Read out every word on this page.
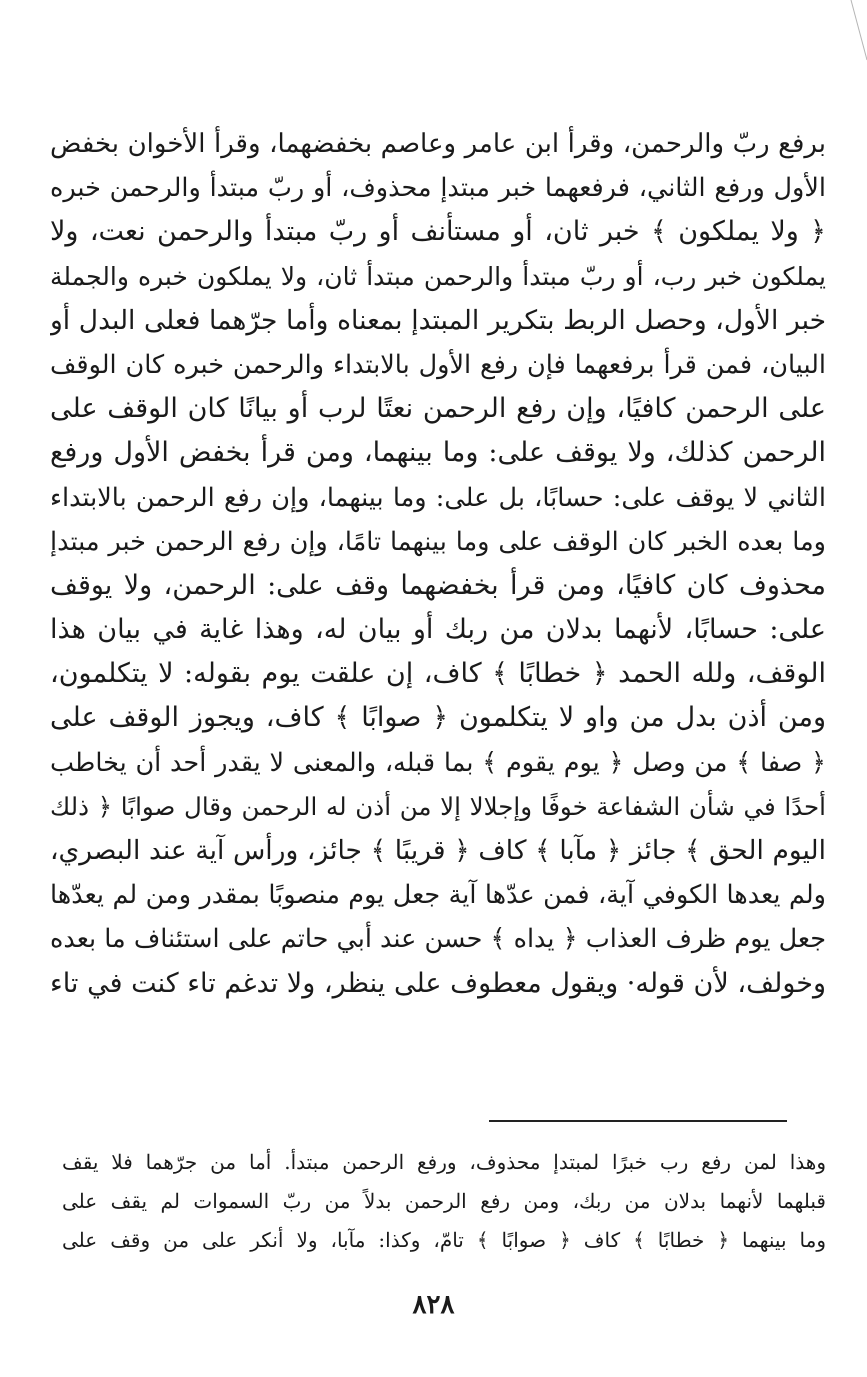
برفع ربّ والرحمن، وقرأ ابن عامر وعاصم بخفضهما، وقرأ الأخوان بخفض
الأول ورفع الثاني، فرفعهما خبر مبتدإ محذوف، أو ربّ مبتدأ والرحمن خبره
﴿ ولا يملكون ﴾ خبر ثان، أو مستأنف أو ربّ مبتدأ والرحمن نعت، ولا
يملكون خبر رب، أو ربّ مبتدأ والرحمن مبتدأ ثان، ولا يملكون خبره والجملة
خبر الأول، وحصل الربط بتكرير المبتدإ بمعناه وأما جرّهما فعلى البدل أو
البيان، فمن قرأ برفعهما فإن رفع الأول بالابتداء والرحمن خبره كان الوقف
على الرحمن كافيًا، وإن رفع الرحمن نعتًا لرب أو بيانًا كان الوقف على
الرحمن كذلك، ولا يوقف على: وما بينهما، ومن قرأ بخفض الأول ورفع
الثاني لا يوقف على: حسابًا، بل على: وما بينهما، وإن رفع الرحمن بالابتداء
وما بعده الخبر كان الوقف على وما بينهما تامًا، وإن رفع الرحمن خبر مبتدإ
محذوف كان كافيًا، ومن قرأ بخفضهما وقف على: الرحمن، ولا يوقف
على: حسابًا، لأنهما بدلان من ربك أو بيان له، وهذا غاية في بيان هذا
الوقف، ولله الحمد ﴿ خطابًا ﴾ كاف، إن علقت يوم بقوله: لا يتكلمون،
ومن أذن بدل من واو لا يتكلمون ﴿ صوابًا ﴾ كاف، ويجوز الوقف على
﴿ صفا ﴾ من وصل ﴿ يوم يقوم ﴾ بما قبله، والمعنى لا يقدر أحد أن يخاطب
أحدًا في شأن الشفاعة خوفًا وإجلالا إلا من أذن له الرحمن وقال صوابًا ﴿ ذلك
اليوم الحق ﴾ جائز ﴿ مآبا ﴾ كاف ﴿ قريبًا ﴾ جائز، ورأس آية عند البصري،
ولم يعدها الكوفي آية، فمن عدّها آية جعل يوم منصوبًا بمقدر ومن لم يعدّها
جعل يوم ظرف العذاب ﴿ يداه ﴾ حسن عند أبي حاتم على استئناف ما بعده
وخولف، لأن قوله· ويقول معطوف على ينظر، ولا تدغم تاء كنت في تاء
وهذا لمن رفع رب خبرًا لمبتدإ محذوف، ورفع الرحمن مبتدأ. أما من جرّهما فلا يقف
قبلهما لأنهما بدلان من ربك، ومن رفع الرحمن بدلاً من ربّ السموات لم يقف على
وما بينهما ﴿ خطابًا ﴾ كاف ﴿ صوابًا ﴾ تامّ، وكذا: مآبا، ولا أنكر على من وقف على
٨٢٨
